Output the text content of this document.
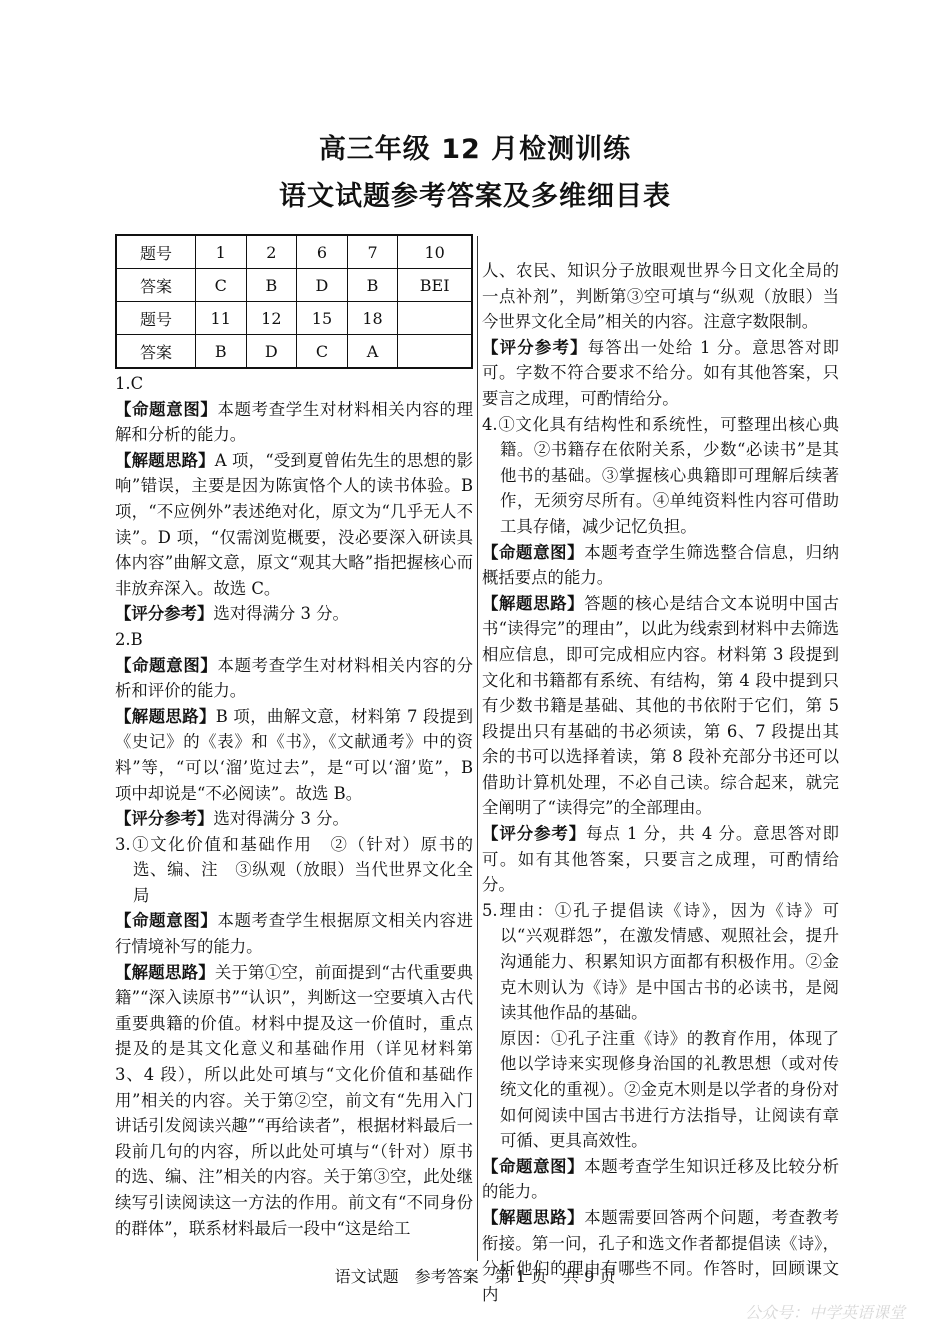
高三年级 12 月检测训练
语文试题参考答案及多维细目表
题号	1	2	6	7	10
答案	C	B	D	B	BEI
题号	11	12	15	18	
答案	B	D	C	A	

1.C

【命题意图】本题考查学生对材料相关内容的理解和分析的能力。

【解题思路】A 项，“受到夏曾佑先生的思想的影响”错误，主要是因为陈寅恪个人的读书体验。B 项，“不应例外”表述绝对化，原文为“几乎无人不读”。D 项，“仅需浏览概要，没必要深入研读具体内容”曲解文意，原文“观其大略”指把握核心而非放弃深入。故选 C。

【评分参考】选对得满分 3 分。

2.B

【命题意图】本题考查学生对材料相关内容的分析和评价的能力。

【解题思路】B 项，曲解文意，材料第 7 段提到《史记》的《表》和《书》，《文献通考》中的资料”等，“可以‘溜’览过去”，是“可以‘溜’览”，B 项中却说是“不必阅读”。故选 B。

【评分参考】选对得满分 3 分。

3.①文化价值和基础作用　②（针对）原书的选、编、注　③纵观（放眼）当代世界文化全局

【命题意图】本题考查学生根据原文相关内容进行情境补写的能力。

【解题思路】关于第①空，前面提到“古代重要典籍”“深入读原书”“认识”，判断这一空要填入古代重要典籍的价值。材料中提及这一价值时，重点提及的是其文化意义和基础作用（详见材料第 3、4 段），所以此处可填与“文化价值和基础作用”相关的内容。关于第②空，前文有“先用入门讲话引发阅读兴趣”“再给读者”，根据材料最后一段前几句的内容，所以此处可填与“（针对）原书的选、编、注”相关的内容。关于第③空，此处继续写引读阅读这一方法的作用。前文有“不同身份的群体”，联系材料最后一段中“这是给工

人、农民、知识分子放眼观世界今日文化全局的一点补剂”，判断第③空可填与“纵观（放眼）当今世界文化全局”相关的内容。注意字数限制。

【评分参考】每答出一处给 1 分。意思答对即可。字数不符合要求不给分。如有其他答案，只要言之成理，可酌情给分。

4.①文化具有结构性和系统性，可整理出核心典籍。②书籍存在依附关系，少数“必读书”是其他书的基础。③掌握核心典籍即可理解后续著作，无须穷尽所有。④单纯资料性内容可借助工具存储，减少记忆负担。

【命题意图】本题考查学生筛选整合信息，归纳概括要点的能力。

【解题思路】答题的核心是结合文本说明中国古书“读得完”的理由”，以此为线索到材料中去筛选相应信息，即可完成相应内容。材料第 3 段提到文化和书籍都有系统、有结构，第 4 段中提到只有少数书籍是基础、其他的书依附于它们，第 5 段提出只有基础的书必须读，第 6、7 段提出其余的书可以选择着读，第 8 段补充部分书还可以借助计算机处理，不必自己读。综合起来，就完全阐明了“读得完”的全部理由。

【评分参考】每点 1 分，共 4 分。意思答对即可。如有其他答案，只要言之成理，可酌情给分。

5.理由：①孔子提倡读《诗》，因为《诗》可以“兴观群怨”，在激发情感、观照社会，提升沟通能力、积累知识方面都有积极作用。②金克木则认为《诗》是中国古书的必读书，是阅读其他作品的基础。

原因：①孔子注重《诗》的教育作用，体现了他以学诗来实现修身治国的礼教思想（或对传统文化的重视）。②金克木则是以学者的身份对如何阅读中国古书进行方法指导，让阅读有章可循、更具高效性。

【命题意图】本题考查学生知识迁移及比较分析的能力。

【解题思路】本题需要回答两个问题，考查教考衔接。第一问，孔子和选文作者都提倡读《诗》，分析他们的理由有哪些不同。作答时，回顾课文内

语文试题　参考答案　第 1 页　共 9 页
公众号：中学英语课堂
